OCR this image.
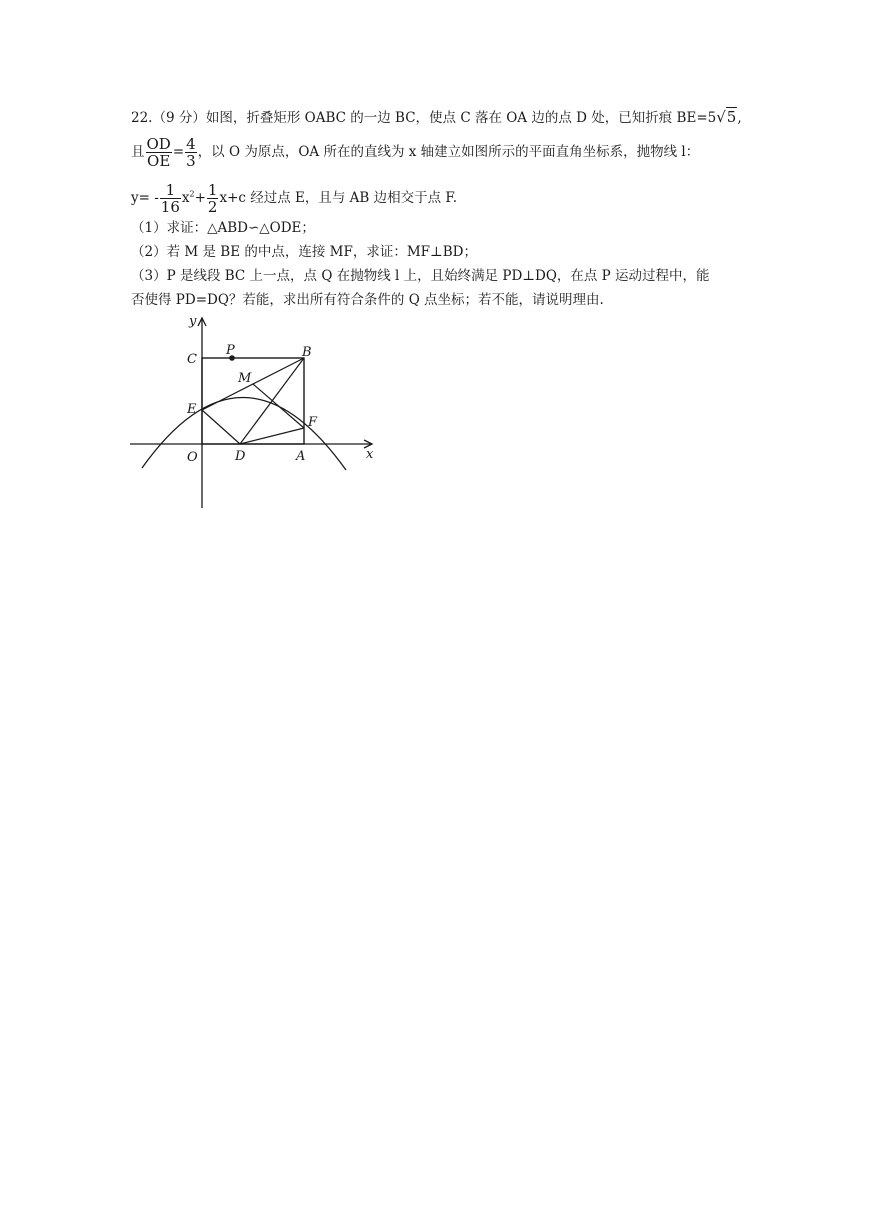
22.（9 分）如图，折叠矩形 OABC 的一边 BC，使点 C 落在 OA 边的点 D 处，已知折痕 BE=5√5,
且 $\frac{OD}{OE} = \frac{4}{3}$ ，以 O 为原点，OA 所在的直线为 x 轴建立如图所示的平面直角坐标系，抛物线 l：
$y= - \frac{1}{16} x^2+ \frac{1}{2} x+c$ 经过点 E，且与 AB 边相交于点 F.
（1）求证：△ABD∽△ODE；
（2）若 M 是 BE 的中点，连接 MF，求证：MF⊥BD；
（3）P 是线段 BC 上一点，点 Q 在抛物线 l 上，且始终满足 PD⊥DQ，在点 P 运动过程中，能
否使得 PD=DQ？若能，求出所有符合条件的 Q 点坐标；若不能，请说明理由.
y
x
C
P	B
M
E
F
O	D	A
